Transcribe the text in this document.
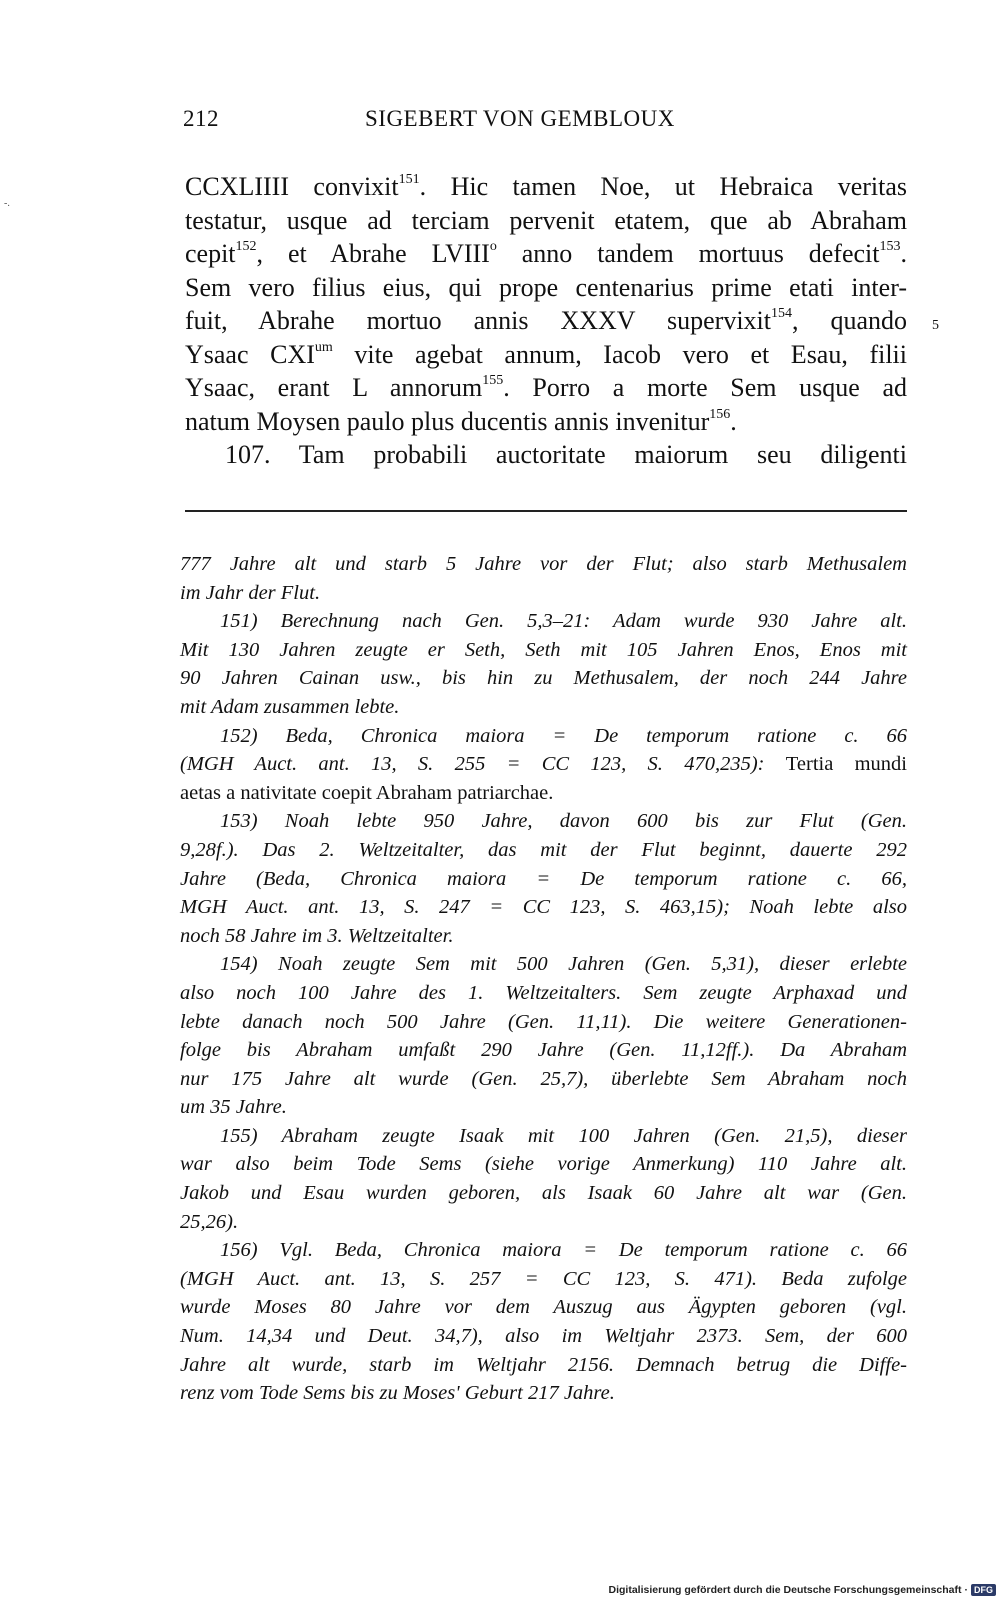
-.
212	SIGEBERT VON GEMBLOUX
CCXLIIII convixit$^{151}$. Hic tamen Noe, ut Hebraica veritas
testatur, usque ad terciam pervenit etatem, que ab Abraham
cepit$^{152}$, et Abrahe LVIII$^o$ anno tandem mortuus defecit$^{153}$.
Sem vero filius eius, qui prope centenarius prime etati inter-
fuit, Abrahe mortuo annis XXXV supervixit$^{154}$, quando
Ysaac $CXI^{um}$ vite agebat annum, Iacob vero et Esau, filii
Ysaac, erant L annorum$^{155}$. Porro a morte Sem usque ad
natum Moysen paulo plus ducentis annis invenitur$^{156}$.
107. Tam probabili auctoritate maiorum seu diligenti
5
777 Jahre alt und starb 5 Jahre vor der Flut; also starb Methusalem
im Jahr der Flut.
151) Berechnung nach Gen. 5,3–21: Adam wurde 930 Jahre alt.
Mit 130 Jahren zeugte er Seth, Seth mit 105 Jahren Enos, Enos mit
90 Jahren Cainan usw., bis hin zu Methusalem, der noch 244 Jahre
mit Adam zusammen lebte.
152) Beda, Chronica maiora = De temporum ratione c. 66
(MGH Auct. ant. 13, S. 255 = CC 123, S. 470,235): Tertia mundi
aetas a nativitate coepit Abraham patriarchae.
153) Noah lebte 950 Jahre, davon 600 bis zur Flut (Gen.
9,28f.). Das 2. Weltzeitalter, das mit der Flut beginnt, dauerte 292
Jahre (Beda, Chronica maiora = De temporum ratione c. 66,
MGH Auct. ant. 13, S. 247 = CC 123, S. 463,15); Noah lebte also
noch 58 Jahre im 3. Weltzeitalter.
154) Noah zeugte Sem mit 500 Jahren (Gen. 5,31), dieser erlebte
also noch 100 Jahre des 1. Weltzeitalters. Sem zeugte Arphaxad und
lebte danach noch 500 Jahre (Gen. 11,11). Die weitere Generationen-
folge bis Abraham umfaßt 290 Jahre (Gen. 11,12ff.). Da Abraham
nur 175 Jahre alt wurde (Gen. 25,7), überlebte Sem Abraham noch
um 35 Jahre.
155) Abraham zeugte Isaak mit 100 Jahren (Gen. 21,5), dieser
war also beim Tode Sems (siehe vorige Anmerkung) 110 Jahre alt.
Jakob und Esau wurden geboren, als Isaak 60 Jahre alt war (Gen.
25,26).
156) Vgl. Beda, Chronica maiora = De temporum ratione c. 66
(MGH Auct. ant. 13, S. 257 = CC 123, S. 471). Beda zufolge
wurde Moses 80 Jahre vor dem Auszug aus Ägypten geboren (vgl.
Num. 14,34 und Deut. 34,7), also im Weltjahr 2373. Sem, der 600
Jahre alt wurde, starb im Weltjahr 2156. Demnach betrug die Diffe-
renz vom Tode Sems bis zu Moses' Geburt 217 Jahre.
Digitalisierung gefördert durch die Deutsche Forschungsgemeinschaft · DFG
